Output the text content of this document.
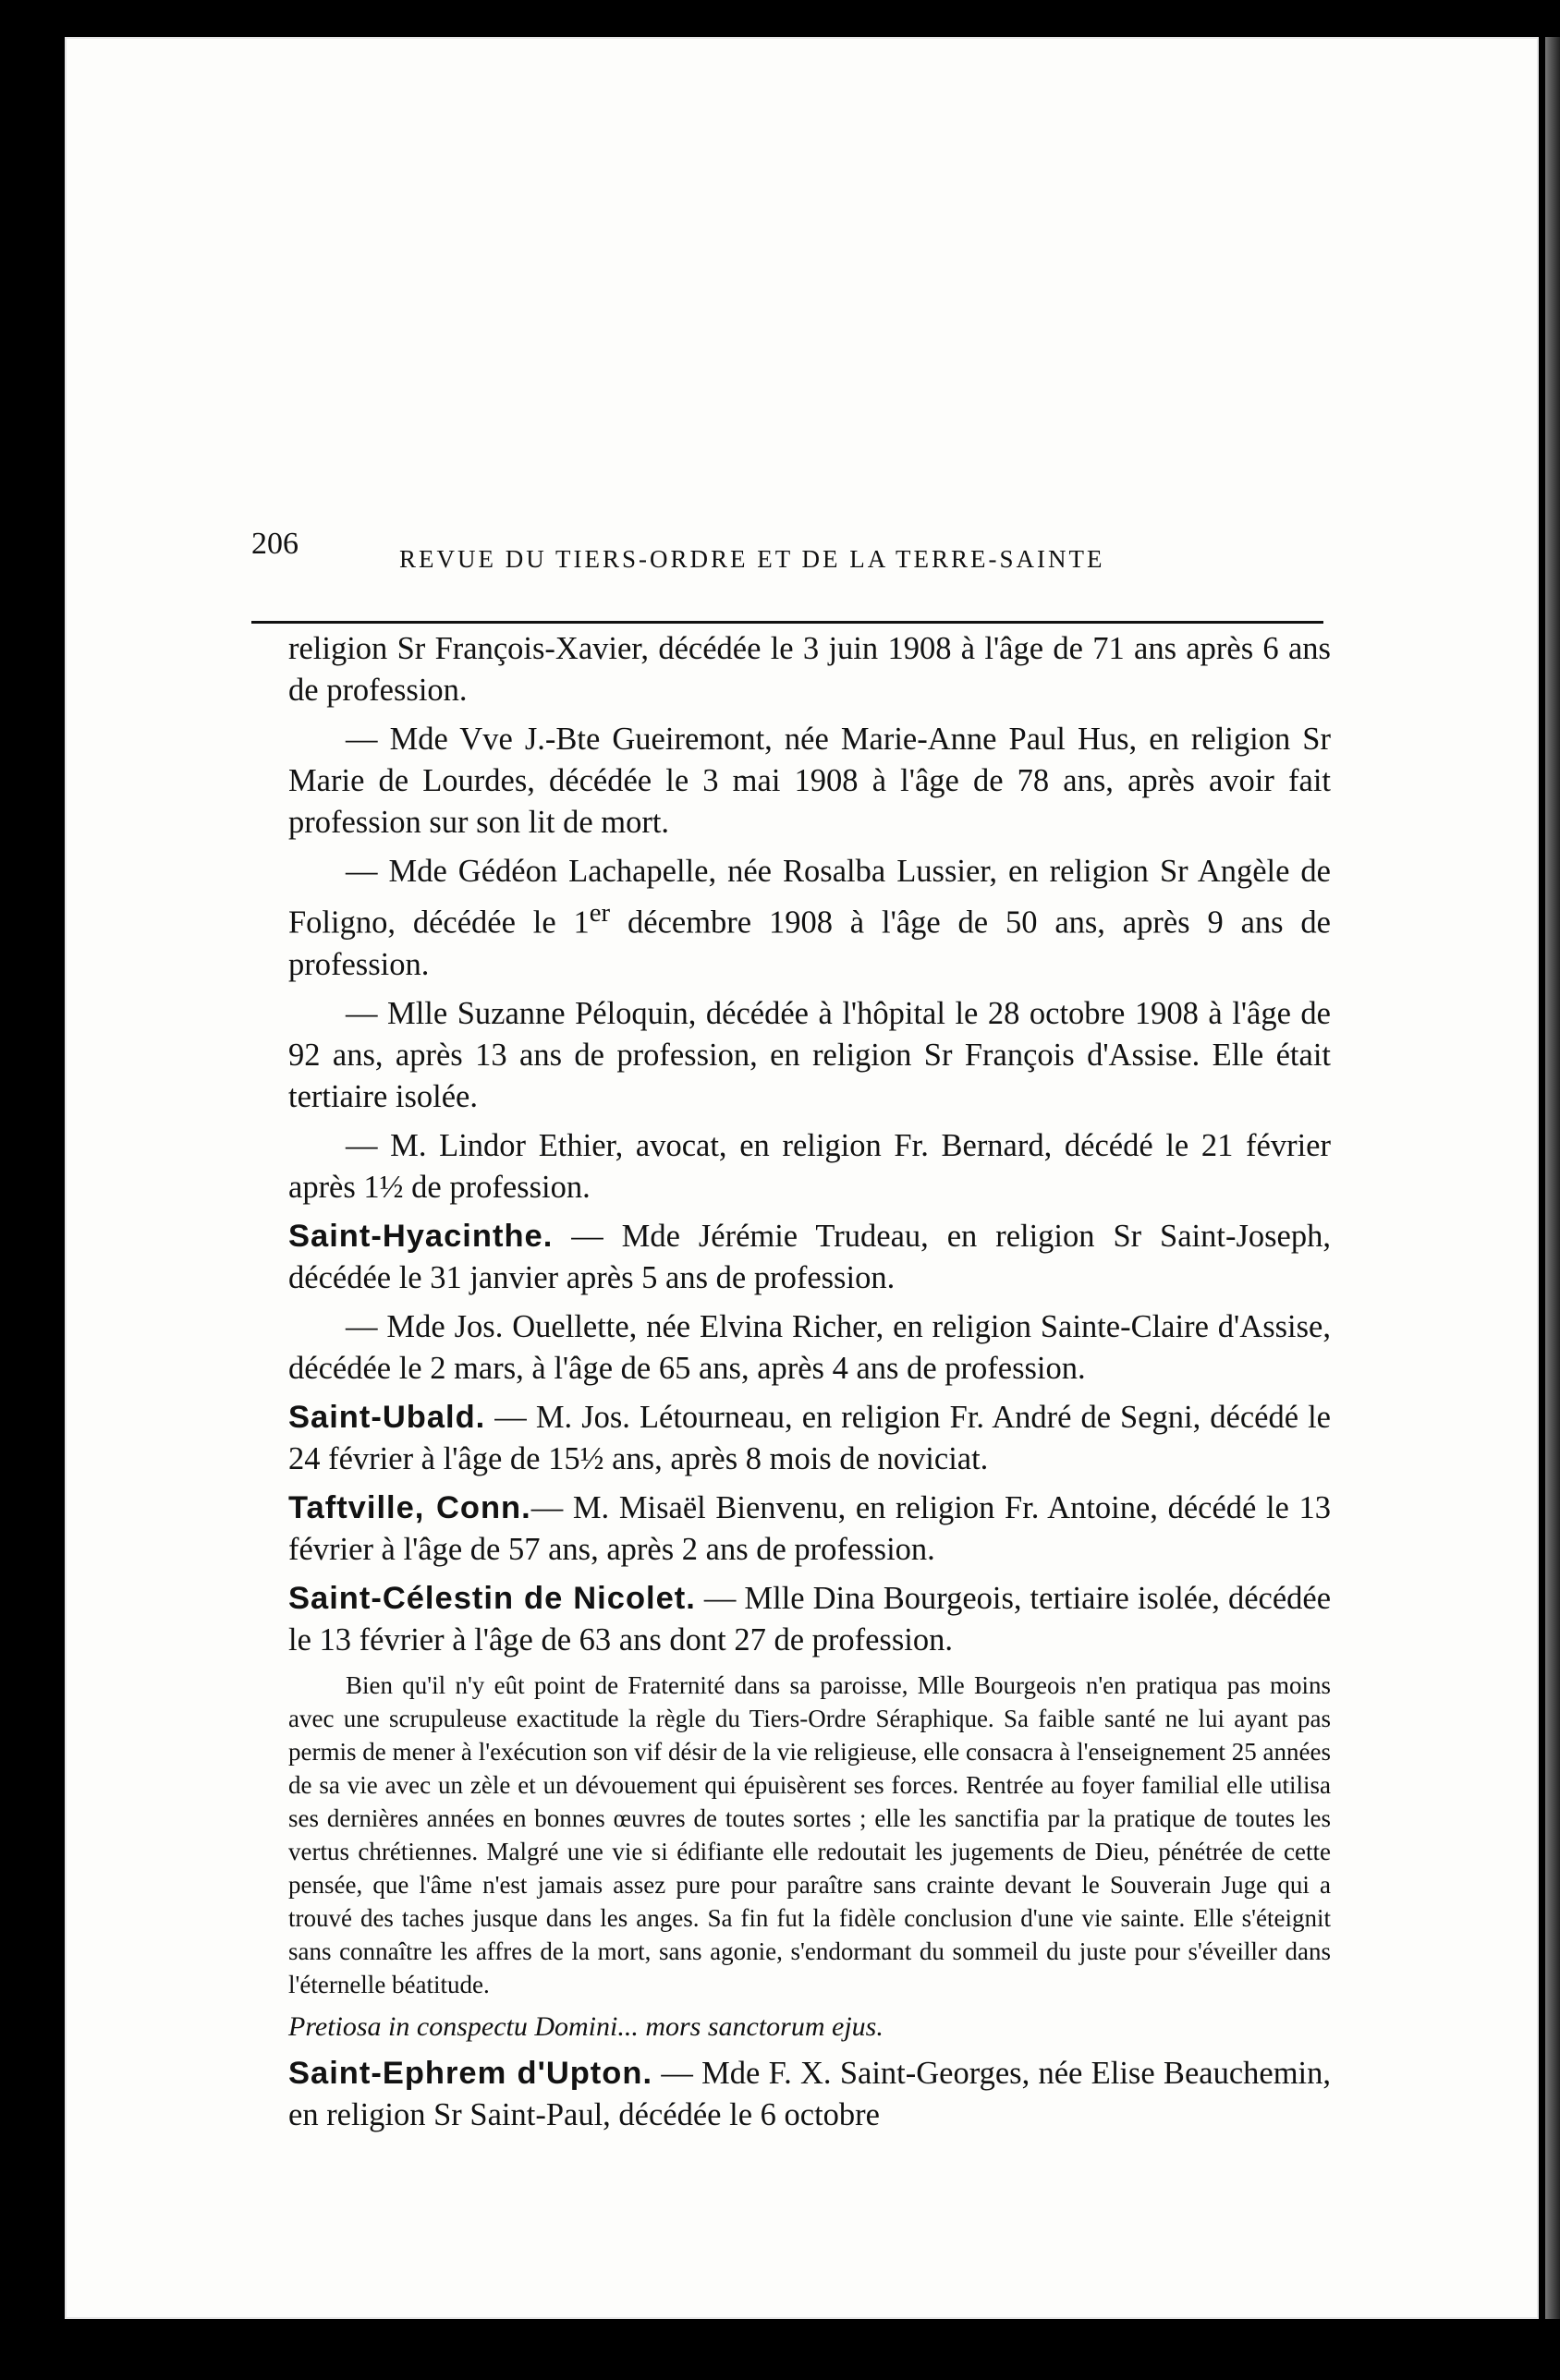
206	REVUE DU TIERS-ORDRE ET DE LA TERRE-SAINTE

religion Sr François-Xavier, décédée le 3 juin 1908 à l'âge de 71 ans après 6 ans de profession.

— Mde Vve J.-Bte Gueiremont, née Marie-Anne Paul Hus, en religion Sr Marie de Lourdes, décédée le 3 mai 1908 à l'âge de 78 ans, après avoir fait profession sur son lit de mort.

— Mde Gédéon Lachapelle, née Rosalba Lussier, en religion Sr Angèle de Foligno, décédée le 1er décembre 1908 à l'âge de 50 ans, après 9 ans de profession.

— Mlle Suzanne Péloquin, décédée à l'hôpital le 28 octobre 1908 à l'âge de 92 ans, après 13 ans de profession, en religion Sr François d'Assise. Elle était tertiaire isolée.

— M. Lindor Ethier, avocat, en religion Fr. Bernard, décédé le 21 février après 1½ de profession.

Saint-Hyacinthe. — Mde Jérémie Trudeau, en religion Sr Saint-Joseph, décédée le 31 janvier après 5 ans de profession.

— Mde Jos. Ouellette, née Elvina Richer, en religion Sainte-Claire d'Assise, décédée le 2 mars, à l'âge de 65 ans, après 4 ans de profession.

Saint-Ubald. — M. Jos. Létourneau, en religion Fr. André de Segni, décédé le 24 février à l'âge de 15½ ans, après 8 mois de noviciat.

Taftville, Conn.— M. Misaël Bienvenu, en religion Fr. Antoine, décédé le 13 février à l'âge de 57 ans, après 2 ans de profession.

Saint-Célestin de Nicolet. — Mlle Dina Bourgeois, tertiaire isolée, décédée le 13 février à l'âge de 63 ans dont 27 de profession.

Bien qu'il n'y eût point de Fraternité dans sa paroisse, Mlle Bourgeois n'en pratiqua pas moins avec une scrupuleuse exactitude la règle du Tiers-Ordre Séraphique. Sa faible santé ne lui ayant pas permis de mener à l'exécution son vif désir de la vie religieuse, elle consacra à l'enseignement 25 années de sa vie avec un zèle et un dévouement qui épuisèrent ses forces. Rentrée au foyer familial elle utilisa ses dernières années en bonnes œuvres de toutes sortes ; elle les sanctifia par la pratique de toutes les vertus chrétiennes. Malgré une vie si édifiante elle redoutait les jugements de Dieu, pénétrée de cette pensée, que l'âme n'est jamais assez pure pour paraître sans crainte devant le Souverain Juge qui a trouvé des taches jusque dans les anges. Sa fin fut la fidèle conclusion d'une vie sainte. Elle s'éteignit sans connaître les affres de la mort, sans agonie, s'endormant du sommeil du juste pour s'éveiller dans l'éternelle béatitude.

Pretiosa in conspectu Domini... mors sanctorum ejus.

Saint-Ephrem d'Upton. — Mde F. X. Saint-Georges, née Elise Beauchemin, en religion Sr Saint-Paul, décédée le 6 octobre
